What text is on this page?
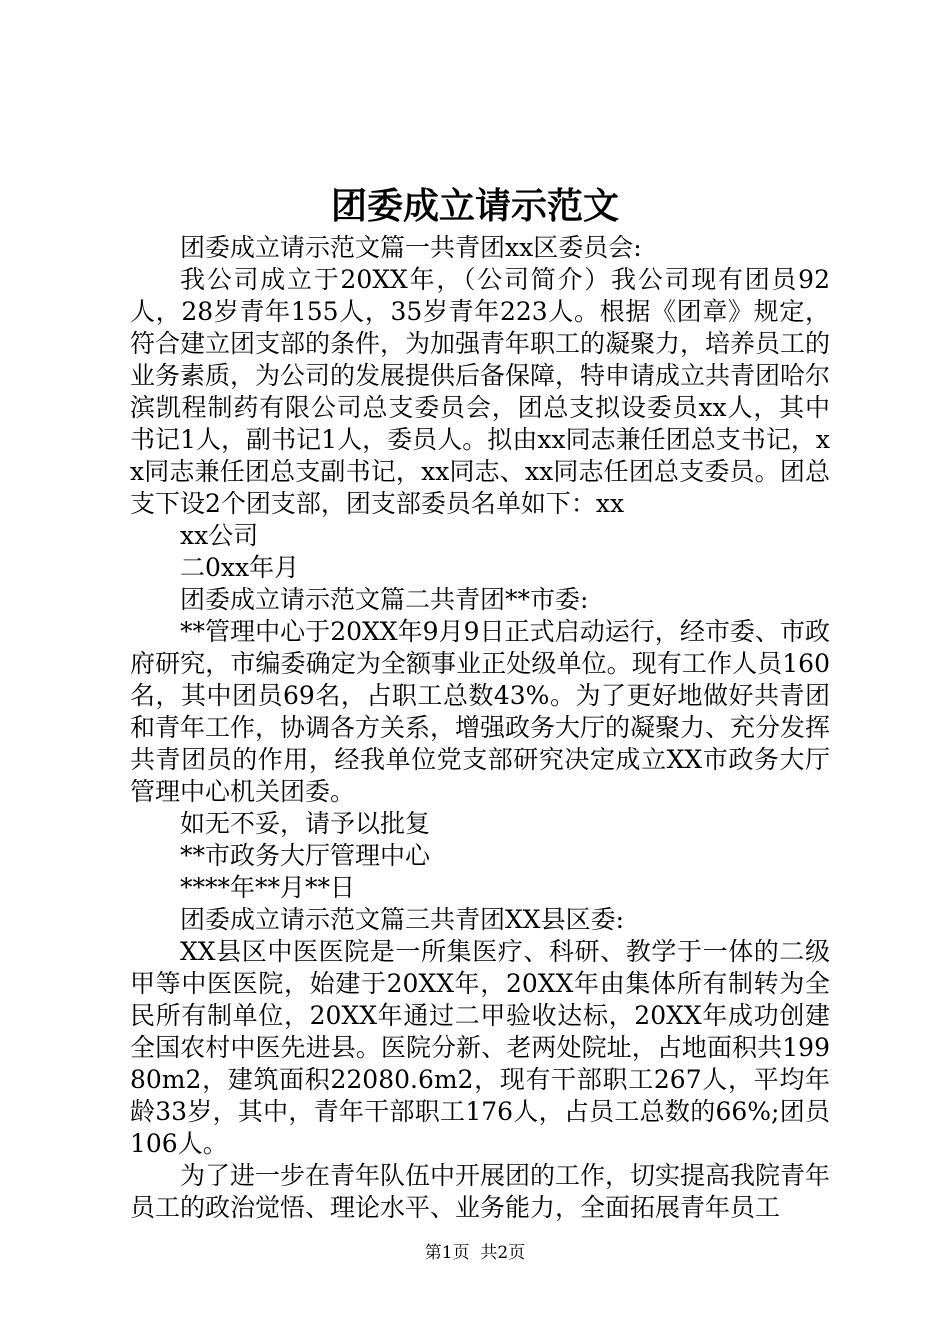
团委成立请示范文

团委成立请示范文篇一共青团xx区委员会:

我公司成立于20XX年，（公司简介）我公司现有团员92人，28岁青年155人，35岁青年223人。根据《团章》规定，符合建立团支部的条件，为加强青年职工的凝聚力，培养员工的业务素质，为公司的发展提供后备保障，特申请成立共青团哈尔滨凯程制药有限公司总支委员会，团总支拟设委员xx人，其中书记1人，副书记1人，委员人。拟由xx同志兼任团总支书记，xx同志兼任团总支副书记，xx同志、xx同志任团总支委员。团总支下设2个团支部，团支部委员名单如下：xx

xx公司

二0xx年月

团委成立请示范文篇二共青团**市委:

**管理中心于20XX年9月9日正式启动运行，经市委、市政府研究，市编委确定为全额事业正处级单位。现有工作人员160名，其中团员69名，占职工总数43%。为了更好地做好共青团和青年工作，协调各方关系，增强政务大厅的凝聚力、充分发挥共青团员的作用，经我单位党支部研究决定成立XX市政务大厅管理中心机关团委。

如无不妥，请予以批复

**市政务大厅管理中心

****年**月**日

团委成立请示范文篇三共青团XX县区委:

XX县区中医医院是一所集医疗、科研、教学于一体的二级甲等中医医院，始建于20XX年，20XX年由集体所有制转为全民所有制单位，20XX年通过二甲验收达标，20XX年成功创建全国农村中医先进县。医院分新、老两处院址，占地面积共19980m2，建筑面积22080.6m2，现有干部职工267人，平均年龄33岁，其中，青年干部职工176人，占员工总数的66%;团员106人。

为了进一步在青年队伍中开展团的工作，切实提高我院青年员工的政治觉悟、理论水平、业务能力，全面拓展青年员工

第1页 共2页
